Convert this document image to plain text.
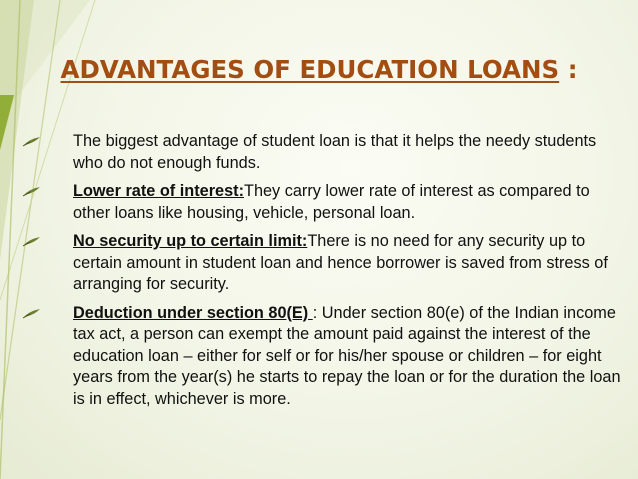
ADVANTAGES OF EDUCATION LOANS :
The biggest advantage of student loan is that it helps the needy students who do not enough funds.
Lower rate of interest:They carry lower rate of interest as compared to other loans like housing, vehicle, personal loan.
No security up to certain limit:There is no need for any security up to certain amount in student loan and hence borrower is saved from stress of arranging for security.
Deduction under section 80(E) : Under section 80(e) of the Indian income tax act, a person can exempt the amount paid against the interest of the education loan – either for self or for his/her spouse or children – for eight years from the year(s) he starts to repay the loan or for the duration the loan is in effect, whichever is more.
